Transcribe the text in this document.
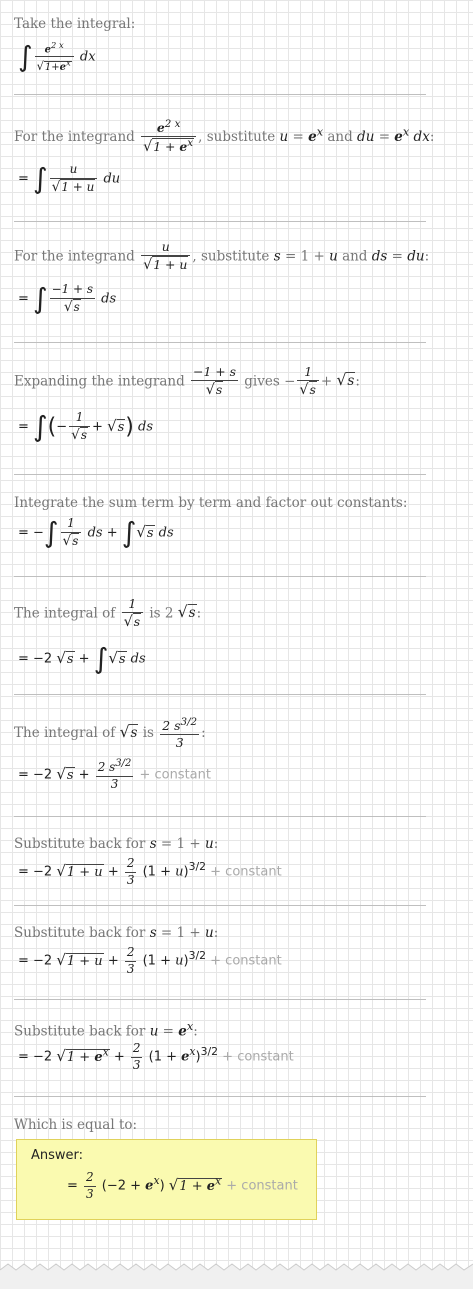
Take the integral:
∫ $\frac{e^{2 x}}{√1+e^x}$ dx
For the integrand $\frac{e^{2 x}}{√1 + e^x}$ , substitute $u = e^x$ and du = $e^x$ dx:
= ∫ $\frac{u}{√1 + u}$ du
For the integrand $\frac{u}{√1 + u}$ , substitute s = 1 + u and ds = du:
= ∫ $\frac{-1 + s}{√s}$ ds
Expanding the integrand $\frac{-1 + s}{√s}$ gives − $\frac{1}{√s} + √s$:
= ∫(− $\frac{1}{√s} + √s$) ds
Integrate the sum term by term and factor out constants:
= −∫ $\frac{1}{√s}$ ds + ∫√s ds
The integral of $\frac{1}{√s}$ is 2 √s:
= −2 √s + ∫√s ds
The integral of √s is $\frac{2 s^{3/2}}{3}$ :
= −2 $√s + \frac{2 s^{3/2}}{3}$ + constant
Substitute back for s = 1 + u:
= −2 $√1 + u + \frac{2}{3} (1 + u)^{3/2}$ + constant
Substitute back for s = 1 + u:
= −2 $√1 + u + \frac{2}{3} (1 + u)^{3/2}$ + constant
Substitute back for $u = e^x$:
= −2 $√1 + e^x + \frac{2}{3} (1 + e^x)^{3/2}$ + constant
Which is equal to:
Answer:
= $\frac{2}{3} (-2 + e^x) √1 + e^x$ + constant
